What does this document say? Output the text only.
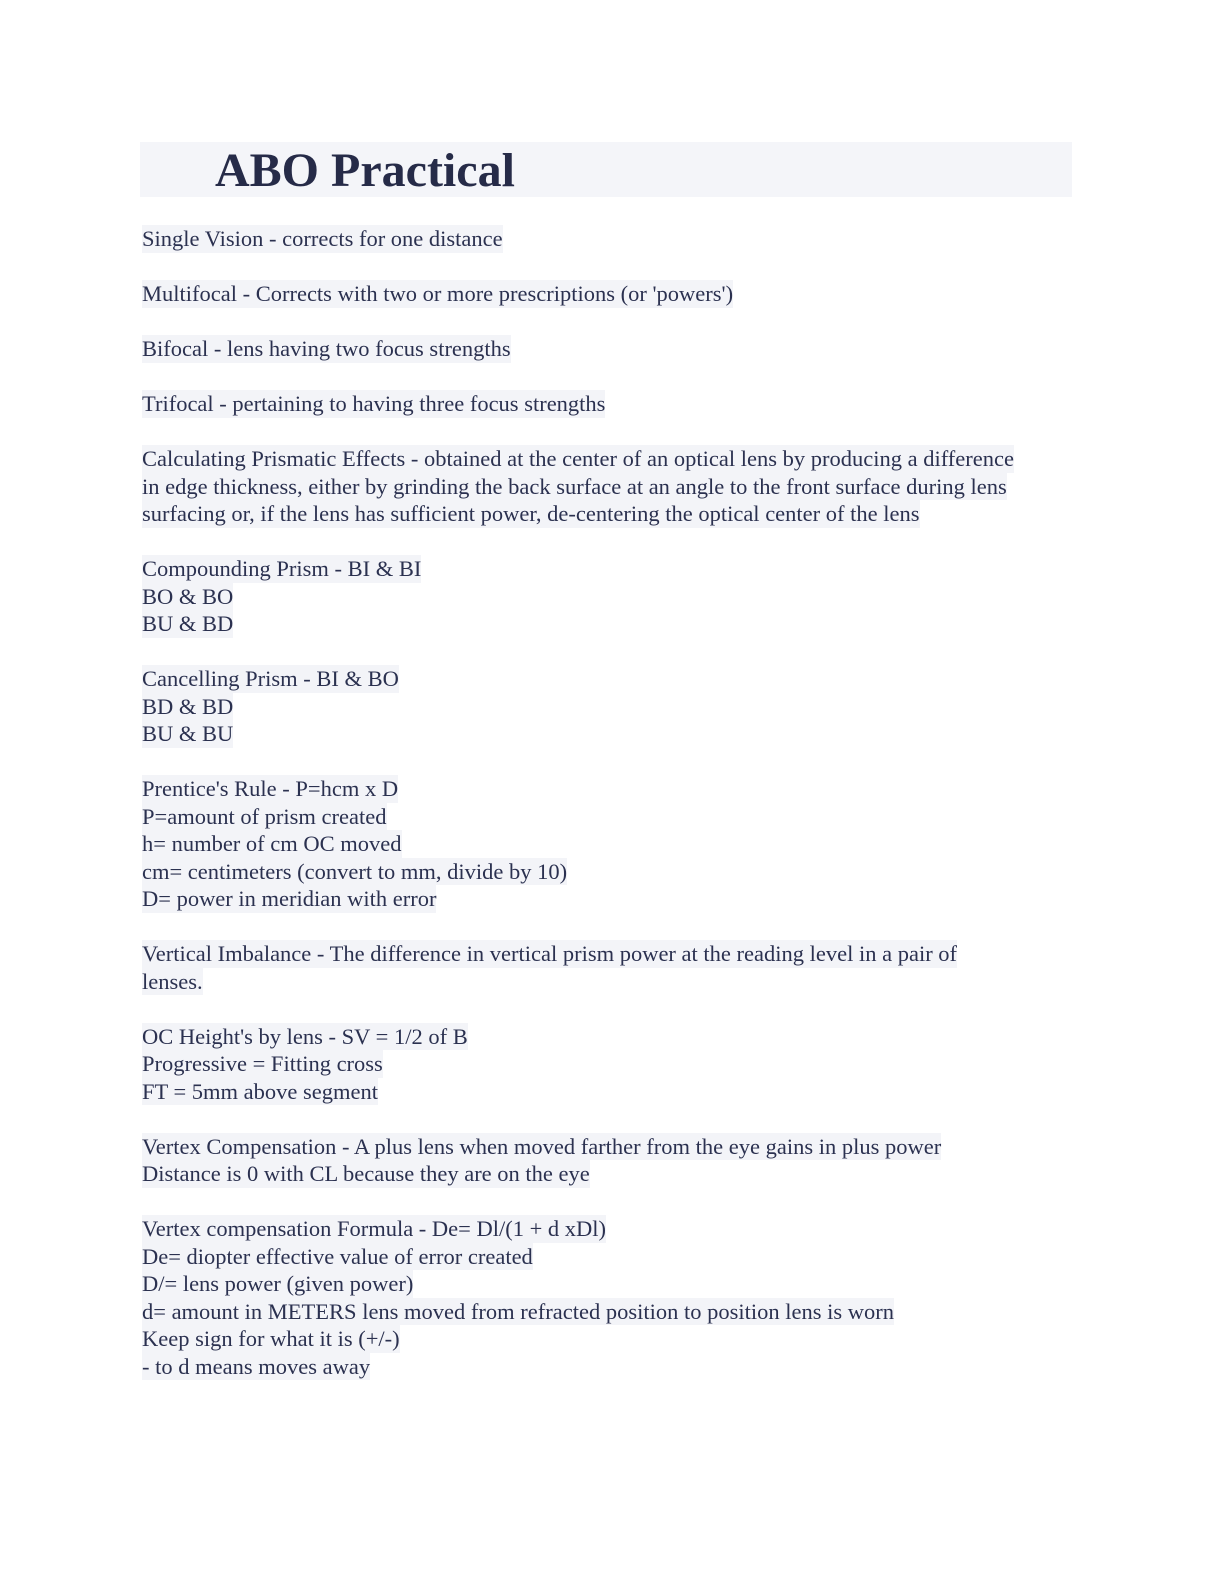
ABO Practical
Single Vision - corrects for one distance
Multifocal - Corrects with two or more prescriptions (or 'powers')
Bifocal - lens having two focus strengths
Trifocal - pertaining to having three focus strengths
Calculating Prismatic Effects - obtained at the center of an optical lens by producing a difference
in edge thickness, either by grinding the back surface at an angle to the front surface during lens
surfacing or, if the lens has sufficient power, de-centering the optical center of the lens
Compounding Prism - BI & BI
BO & BO
BU & BD
Cancelling Prism - BI & BO
BD & BD
BU & BU
Prentice's Rule - P=hcm x D
P=amount of prism created
h= number of cm OC moved
cm= centimeters (convert to mm, divide by 10)
D= power in meridian with error
Vertical Imbalance - The difference in vertical prism power at the reading level in a pair of
lenses.
OC Height's by lens - SV = 1/2 of B
Progressive = Fitting cross
FT = 5mm above segment
Vertex Compensation - A plus lens when moved farther from the eye gains in plus power
Distance is 0 with CL because they are on the eye
Vertex compensation Formula - De= Dl/(1 + d xDl)
De= diopter effective value of error created
D/= lens power (given power)
d= amount in METERS lens moved from refracted position to position lens is worn
Keep sign for what it is (+/-)
- to d means moves away
